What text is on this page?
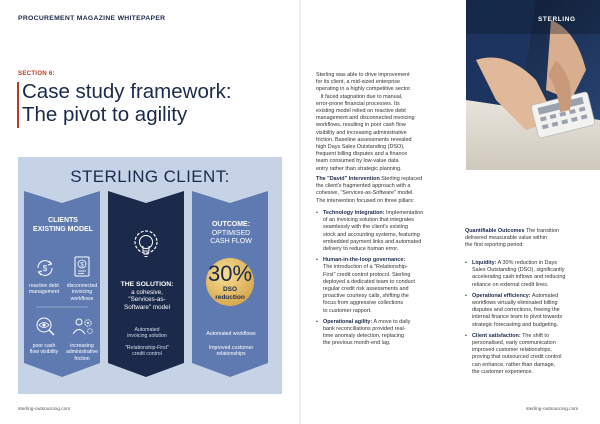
PROCUREMENT MAGAZINE WHITEPAPER	STERLING
SECTION 6:
Case study framework:
The pivot to agility
STERLING CLIENT:
CLIENTS
EXISTING MODEL
$
reactive debt
management
$
disconnected
invoicing
workflows
poor cash
flow visibility
increasing
administrative
friction
THE SOLUTION:
a cohesive,
"Services-as-
Software" model
Automated
invoicing solution
"Relationship-First"
credit control
OUTCOME:
OPTIMISED
CASH FLOW
30%
DSO
reduction
Automated workflows
Improved customer
relationships
Sterling was able to drive improvement
for its client, a mid-sized enterprise
operating in a highly competitive sector.
It faced stagnation due to manual,
error-prone financial processes. Its
existing model relied on reactive debt
management and disconnected invoicing
workflows, resulting in poor cash flow
visibility and increasing administrative
friction. Baseline assessments revealed
high Days Sales Outstanding (DSO),
frequent billing disputes and a finance
team consumed by low-value data
entry rather than strategic planning.
The "David" Intervention Sterling replaced
the client's fragmented approach with a
cohesive, "Services-as-Software" model.
The intervention focused on three pillars:
• Technology integration: Implementation
of an invoicing solution that integrates
seamlessly with the client's existing
stock and accounting systems, featuring
embedded payment links and automated
delivery to reduce human error.
• Human-in-the-loop governance:
The introduction of a "Relationship-
First" credit control protocol. Sterling
deployed a dedicated team to conduct
regular credit risk assessments and
proactive courtesy calls, shifting the
focus from aggressive collections
to customer rapport.
• Operational agility: A move to daily
bank reconciliations provided real-
time anomaly detection, replacing
the previous month-end lag.
Quantifiable Outcomes The transition
delivered measurable value within
the first reporting period:
• Liquidity: A 30% reduction in Days
Sales Outstanding (DSO), significantly
accelerating cash inflows and reducing
reliance on external credit lines.
• Operational efficiency: Automated
workflows virtually eliminated billing
disputes and corrections, freeing the
internal finance team to pivot towards
strategic forecasting and budgeting.
• Client satisfaction: The shift to
personalised, early communication
improved customer relationships,
proving that outsourced credit control
can enhance, rather than damage,
the customer experience.
sterling-outsourcing.com	sterling-outsourcing.com
